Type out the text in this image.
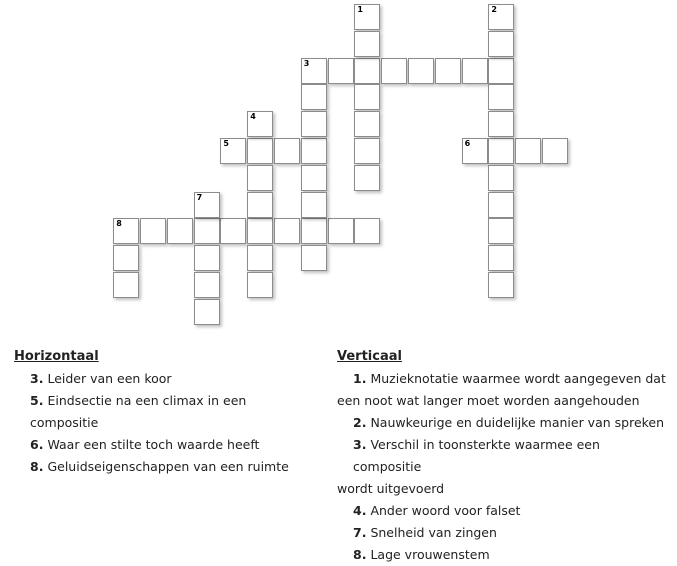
3
5	6
8
1	2
4
7
Horizontaal
3. Leider van een koor
5. Eindsectie na een climax in een compositie
6. Waar een stilte toch waarde heeft
8. Geluidseigenschappen van een ruimte
Verticaal
1. Muzieknotatie waarmee wordt aangegeven dat
een noot wat langer moet worden aangehouden
2. Nauwkeurige en duidelijke manier van spreken
3. Verschil in toonsterkte waarmee een compositie
wordt uitgevoerd
4. Ander woord voor falset
7. Snelheid van zingen
8. Lage vrouwenstem
